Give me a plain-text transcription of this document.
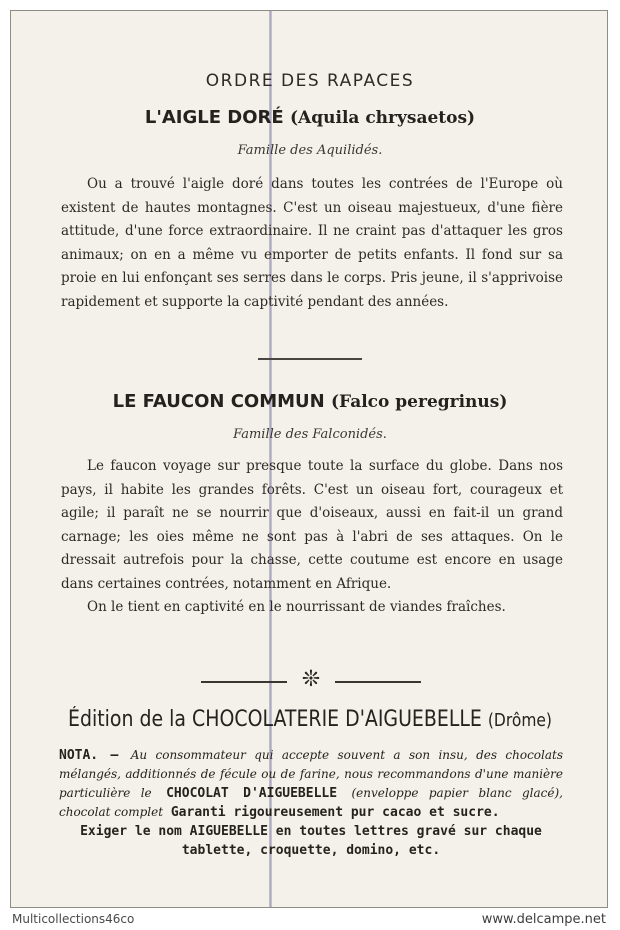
ORDRE DES RAPACES
L'AIGLE DORÉ (Aquila chrysaetos)
Famille des Aquilidés.

Ou a trouvé l'aigle doré dans toutes les contrées de l'Europe où existent de hautes montagnes. C'est un oiseau majestueux, d'une fière attitude, d'une force extraordinaire. Il ne craint pas d'attaquer les gros animaux; on en a même vu emporter de petits enfants. Il fond sur sa proie en lui enfonçant ses serres dans le corps. Pris jeune, il s'apprivoise rapidement et supporte la captivité pendant des années.

LE FAUCON COMMUN (Falco peregrinus)
Famille des Falconidés.

Le faucon voyage sur presque toute la surface du globe. Dans nos pays, il habite les grandes forêts. C'est un oiseau fort, courageux et agile; il paraît ne se nourrir que d'oiseaux, aussi en fait-il un grand carnage; les oies même ne sont pas à l'abri de ses attaques. On le dressait autrefois pour la chasse, cette coutume est encore en usage dans certaines contrées, notamment en Afrique.

On le tient en captivité en le nourrissant de viandes fraîches.

❊
Édition de la CHOCOLATERIE D'AIGUEBELLE (Drôme)
NOTA. — Au consommateur qui accepte souvent a son insu, des chocolats mélangés, additionnés de fécule ou de farine, nous recommandons d'une manière particulière le CHOCOLAT D'AIGUEBELLE (enveloppe papier blanc glacé), chocolat complet Garanti rigoureusement pur cacao et sucre.
Exiger le nom AIGUEBELLE en toutes lettres gravé sur chaque
tablette, croquette, domino, etc.
Multicollections46co	www.delcampe.net
